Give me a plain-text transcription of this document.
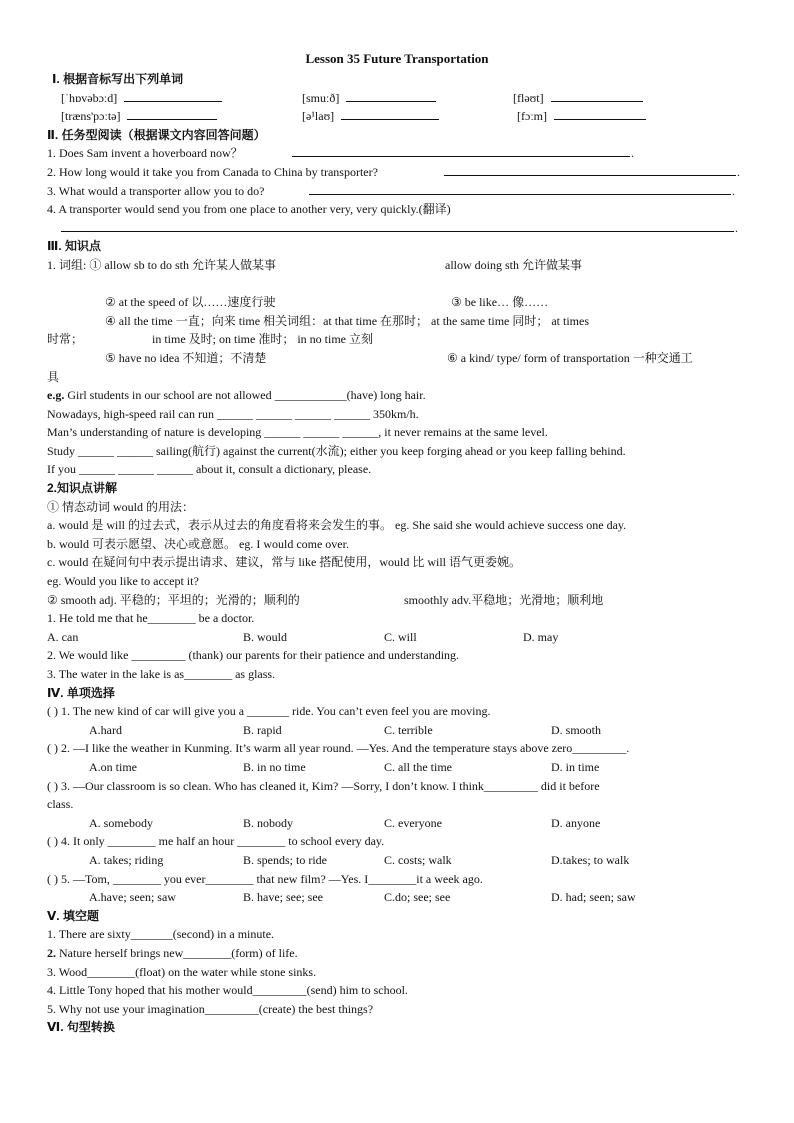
Lesson 35 Future Transportation
Ⅰ. 根据音标写出下列单词
[ˈhɒvəbɔːd]	[smuːð]	[flәʊt]
[træns'pɔːtә]	[ə¹laʊ]	[fɔːm]
Ⅱ. 任务型阅读（根据课文内容回答问题）
1. Does Sam invent a hoverboard now？	.
2. How long would it take you from Canada to China by transporter?	.
3. What would a transporter allow you to do?	.
4. A transporter would send you from one place to another very, very quickly.(翻译)
.
Ⅲ. 知识点
1. 词组: ① allow sb to do sth 允许某人做某事	allow doing sth 允许做某事
② at the speed of 以……速度行驶	③ be like… 像……
④ all the time 一直；向来 time 相关词组：at that time 在那时； at the same time 同时； at times
时常；	in time 及时; on time 准时； in no time 立刻
⑤ have no idea 不知道；不清楚	⑥ a kind/ type/ form of transportation 一种交通工
具
e.g. Girl students in our school are not allowed ____________(have) long hair.
Nowadays, high-speed rail can run ______ ______ ______ ______ 350km/h.
Man’s understanding of nature is developing ______ ______ ______, it never remains at the same level.
Study ______ ______ sailing(航行) against the current(水流); either you keep forging ahead or you keep falling behind.
If you ______ ______ ______ about it, consult a dictionary, please.
2.知识点讲解
① 情态动词 would 的用法：
a. would 是 will 的过去式，表示从过去的角度看将来会发生的事。 eg. She said she would achieve success one day.
b. would 可表示愿望、决心或意愿。 eg. I would come over.
c. would 在疑问句中表示提出请求、建议，常与 like 搭配使用，would 比 will 语气更委婉。
eg. Would you like to accept it?
② smooth adj. 平稳的；平坦的；光滑的；顺利的	smoothly adv.平稳地；光滑地；顺利地
1. He told me that he________ be a doctor.
A. can	B. would	C. will	D. may
2. We would like _________ (thank) our parents for their patience and understanding.
3. The water in the lake is as________ as glass.
Ⅳ. 单项选择
( ) 1. The new kind of car will give you a _______ ride. You can’t even feel you are moving.
A.hard	B. rapid	C. terrible	D. smooth
( ) 2. —I like the weather in Kunming. It’s warm all year round. —Yes. And the temperature stays above zero_________.
A.on time	B. in no time	C. all the time	D. in time
( ) 3. —Our classroom is so clean. Who has cleaned it, Kim? —Sorry, I don’t know. I think_________ did it before
class.
A. somebody	B. nobody	C. everyone	D. anyone
( ) 4. It only ________ me half an hour ________ to school every day.
A. takes; riding	B. spends; to ride	C. costs; walk	D.takes; to walk
( ) 5. —Tom, ________ you ever________ that new film? —Yes. I________it a week ago.
A.have; seen; saw	B. have; see; see	C.do; see; see	D. had; seen; saw
Ⅴ. 填空题
1. There are sixty_______(second) in a minute.
2. Nature herself brings new________(form) of life.
3. Wood________(float) on the water while stone sinks.
4. Little Tony hoped that his mother would_________(send) him to school.
5. Why not use your imagination_________(create) the best things?
Ⅵ. 句型转换
